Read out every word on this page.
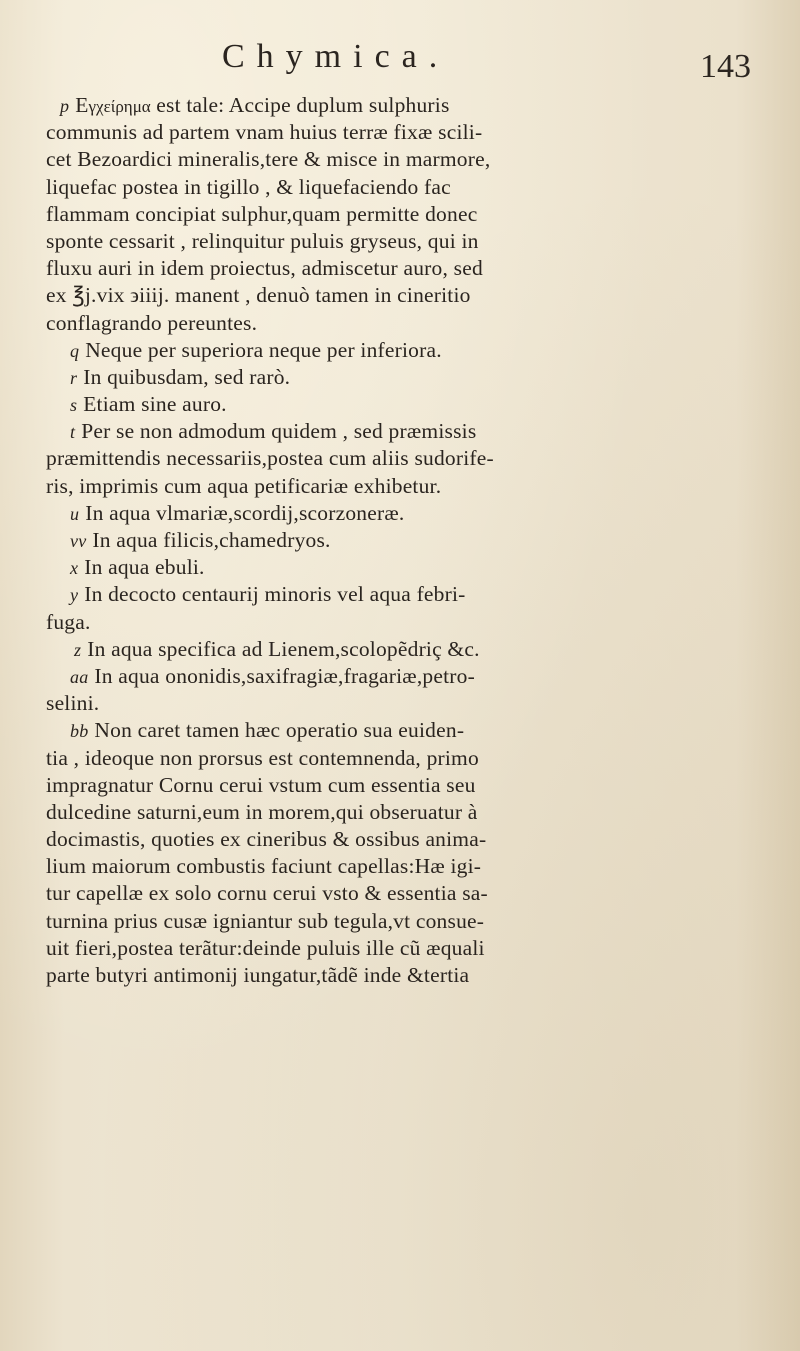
Chymica.	143
p Eγχείρημα est tale: Accipe duplum sulphuris
communis ad partem vnam huius terræ fixæ scili-
cet Bezoardici mineralis,tere & misce in marmore,
liquefac postea in tigillo , & liquefaciendo fac
flammam concipiat sulphur,quam permitte donec
sponte cessarit , relinquitur puluis gryseus, qui in
fluxu auri in idem proiectus, admiscetur auro, sed
ex ℥j.vix ϶iiij. manent , denuò tamen in cineritio
conflagrando pereuntes.
q Neque per superiora neque per inferiora.
r In quibusdam, sed rarò.
s Etiam sine auro.
t Per se non admodum quidem , sed præmissis
præmittendis necessariis,postea cum aliis sudorife-
ris, imprimis cum aqua petificariæ exhibetur.
u In aqua vlmariæ,scordij,scorzoneræ.
vv In aqua filicis,chamedryos.
x In aqua ebuli.
y In decocto centaurij minoris vel aqua febri-
fuga.
z In aqua specifica ad Lienem,scolopẽdriç &c.
aa In aqua ononidis,saxifragiæ,fragariæ,petro-
selini.
bb Non caret tamen hæc operatio sua euiden-
tia , ideoque non prorsus est contemnenda, primo
impragnatur Cornu cerui vstum cum essentia seu
dulcedine saturni,eum in morem,qui obseruatur à
docimastis, quoties ex cineribus & ossibus anima-
lium maiorum combustis faciunt capellas:Hæ igi-
tur capellæ ex solo cornu cerui vsto & essentia sa-
turnina prius cusæ igniantur sub tegula,vt consue-
uit fieri,postea terãtur:deinde puluis ille cũ æquali
parte butyri antimonij iungatur,tãdẽ inde &tertia
